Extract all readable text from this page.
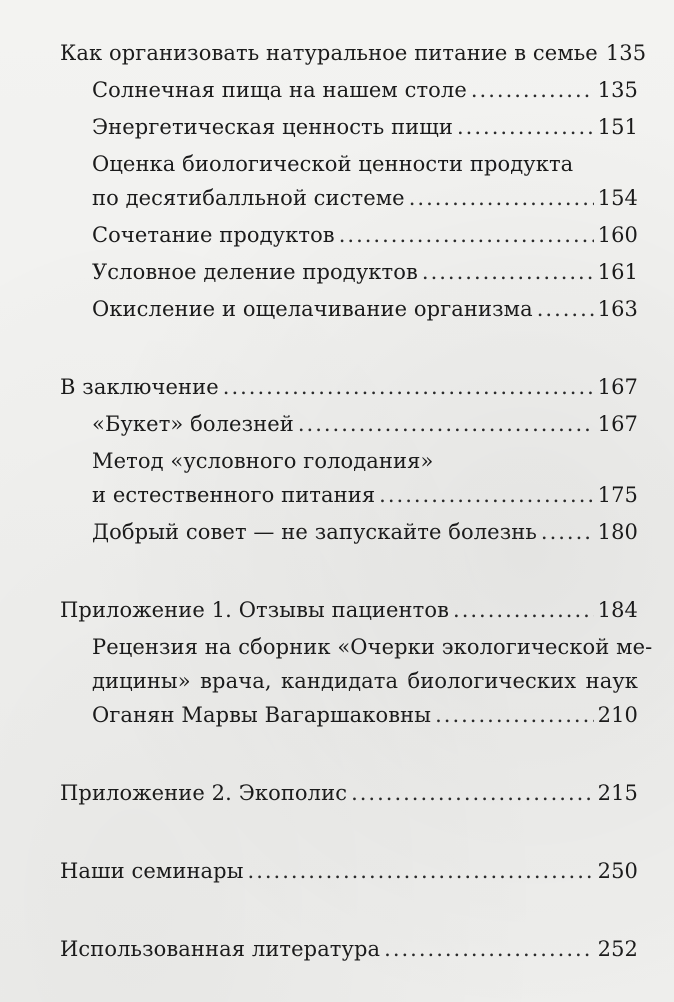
Как организовать натуральное питание в семье 135
Солнечная пища на нашем столе .....	135
Энергетическая ценность пищи .....	151
Оценка биологической ценности продукта
по десятибалльной системе .....	154
Сочетание продуктов .....	160
Условное деление продуктов .....	161
Окисление и ощелачивание организма .....	163
В заключение .....	167
«Букет» болезней .....	167
Метод «условного голодания»
и естественного питания .....	175
Добрый совет — не запускайте болезнь .....	180
Приложение 1. Отзывы пациентов .....	184
Рецензия на сборник «Очерки экологической ме-
дицины» врача, кандидата биологических наук
Оганян Марвы Вагаршаковны .....	210
Приложение 2. Экополис .....	215
Наши семинары .....	250
Использованная литература .....	252
